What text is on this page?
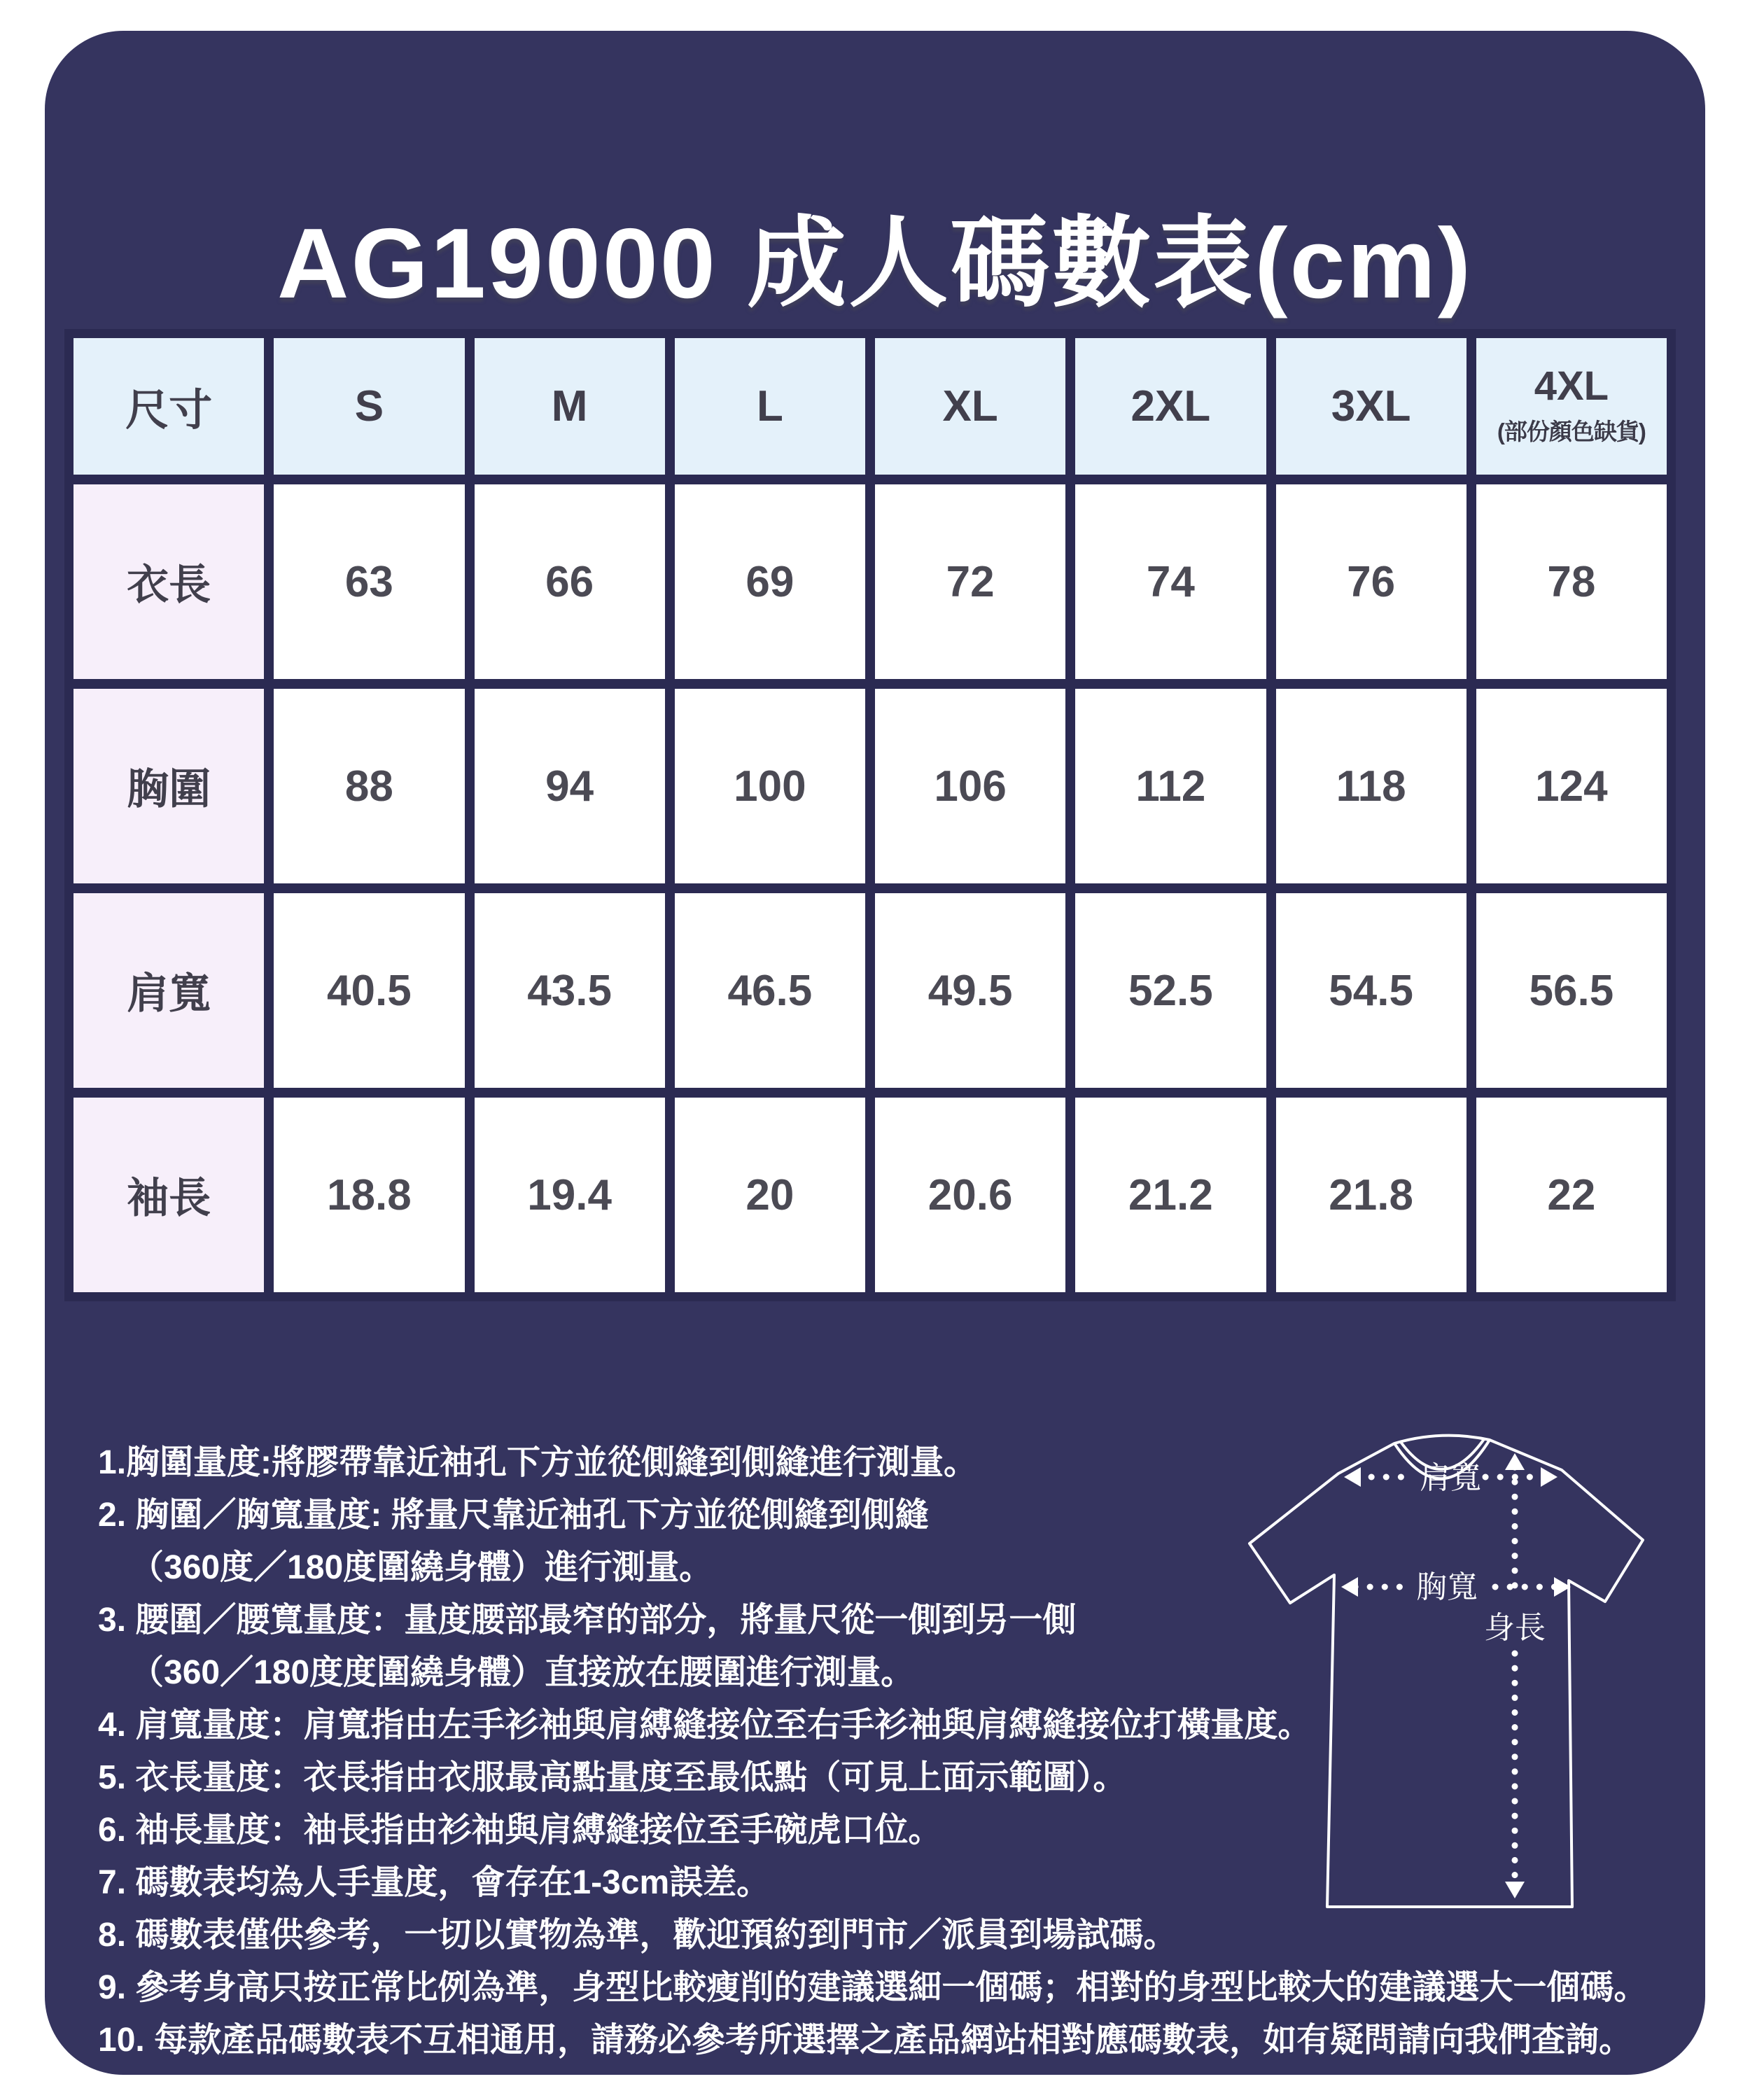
AG19000 成人碼數表(cm)
尺寸	S	M	L	XL	2XL	3XL	4XL
(部份顏色缺貨)
衣長	63	66	69	72	74	76	78
胸圍	88	94	100	106	112	118	124
肩寬	40.5	43.5	46.5	49.5	52.5	54.5	56.5
袖長	18.8	19.4	20	20.6	21.2	21.8	22
1.胸圍量度:將膠帶靠近袖孔下方並從側縫到側縫進行測量。
2. 胸圍／胸寬量度: 將量尺靠近袖孔下方並從側縫到側縫
（360度／180度圍繞身體）進行測量。
3. 腰圍／腰寬量度：量度腰部最窄的部分，將量尺從一側到另一側
（360／180度度圍繞身體）直接放在腰圍進行測量。
4. 肩寬量度：肩寬指由左手衫袖與肩縛縫接位至右手衫袖與肩縛縫接位打橫量度。
5. 衣長量度：衣長指由衣服最高點量度至最低點（可見上面示範圖）。
6. 袖長量度：袖長指由衫袖與肩縛縫接位至手碗虎口位。
7. 碼數表均為人手量度，會存在1-3cm誤差。
8. 碼數表僅供參考，一切以實物為準，歡迎預約到門市／派員到場試碼。
9. 參考身高只按正常比例為準，身型比較瘦削的建議選細一個碼；相對的身型比較大的建議選大一個碼。
10. 每款產品碼數表不互相通用，請務必參考所選擇之產品網站相對應碼數表，如有疑問請向我們查詢。
肩寬
胸寬
身長
